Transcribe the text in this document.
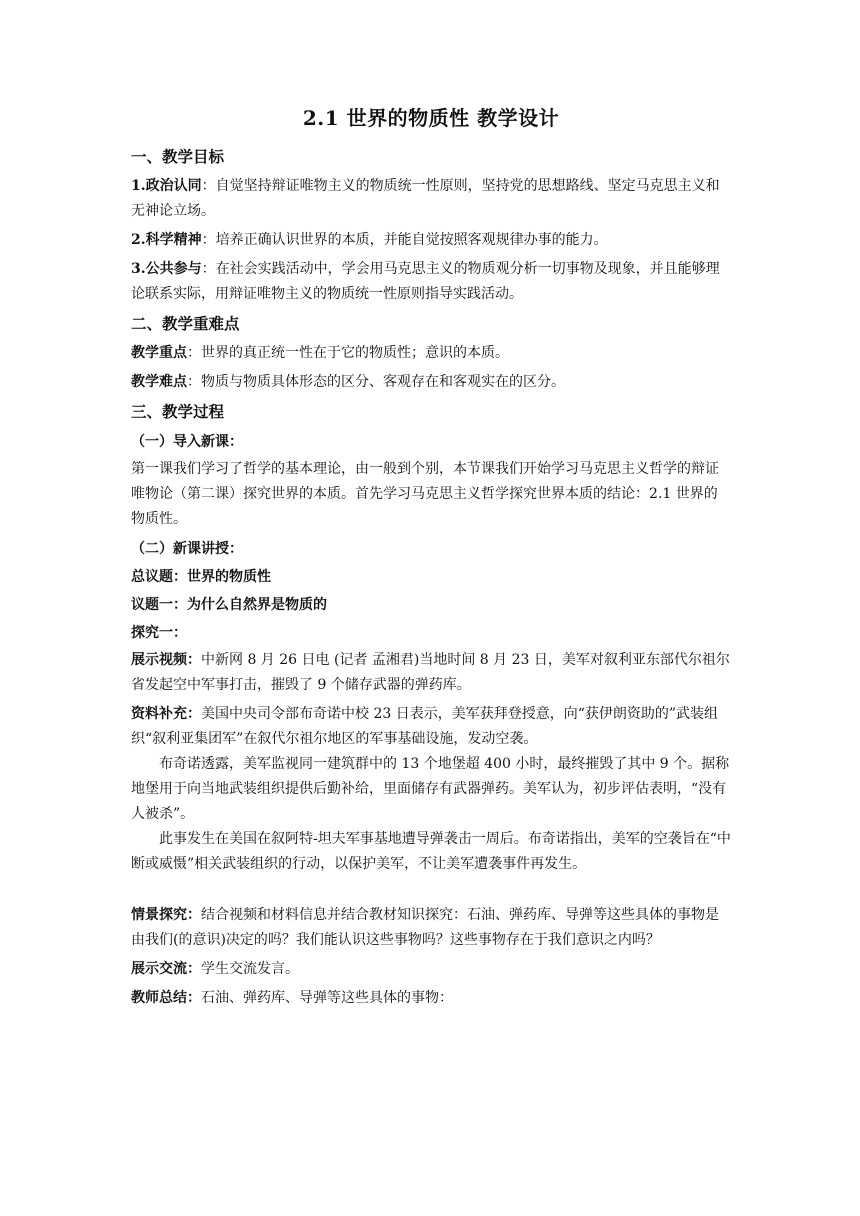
2.1 世界的物质性 教学设计
一、教学目标

1.政治认同：自觉坚持辩证唯物主义的物质统一性原则，坚持党的思想路线、坚定马克思主义和无神论立场。

2.科学精神：培养正确认识世界的本质，并能自觉按照客观规律办事的能力。

3.公共参与：在社会实践活动中，学会用马克思主义的物质观分析一切事物及现象，并且能够理论联系实际，用辩证唯物主义的物质统一性原则指导实践活动。

二、教学重难点

教学重点：世界的真正统一性在于它的物质性；意识的本质。

教学难点：物质与物质具体形态的区分、客观存在和客观实在的区分。

三、教学过程
（一）导入新课：

第一课我们学习了哲学的基本理论，由一般到个别，本节课我们开始学习马克思主义哲学的辩证唯物论（第二课）探究世界的本质。首先学习马克思主义哲学探究世界本质的结论：2.1 世界的物质性。

（二）新课讲授：
总议题：世界的物质性
议题一：为什么自然界是物质的
探究一：

展示视频：中新网 8 月 26 日电 (记者 孟湘君)当地时间 8 月 23 日，美军对叙利亚东部代尔祖尔省发起空中军事打击，摧毁了 9 个储存武器的弹药库。

资料补充：美国中央司令部布奇诺中校 23 日表示，美军获拜登授意，向“获伊朗资助的”武装组织“叙利亚集团军”在叙代尔祖尔地区的军事基础设施，发动空袭。

布奇诺透露，美军监视同一建筑群中的 13 个地堡超 400 小时，最终摧毁了其中 9 个。据称地堡用于向当地武装组织提供后勤补给，里面储存有武器弹药。美军认为，初步评估表明，“没有人被杀”。

此事发生在美国在叙阿特-坦夫军事基地遭导弹袭击一周后。布奇诺指出，美军的空袭旨在“中断或威慑”相关武装组织的行动，以保护美军，不让美军遭袭事件再发生。

情景探究：结合视频和材料信息并结合教材知识探究：石油、弹药库、导弹等这些具体的事物是由我们(的意识)决定的吗？我们能认识这些事物吗？这些事物存在于我们意识之内吗？

展示交流：学生交流发言。

教师总结：石油、弹药库、导弹等这些具体的事物：
